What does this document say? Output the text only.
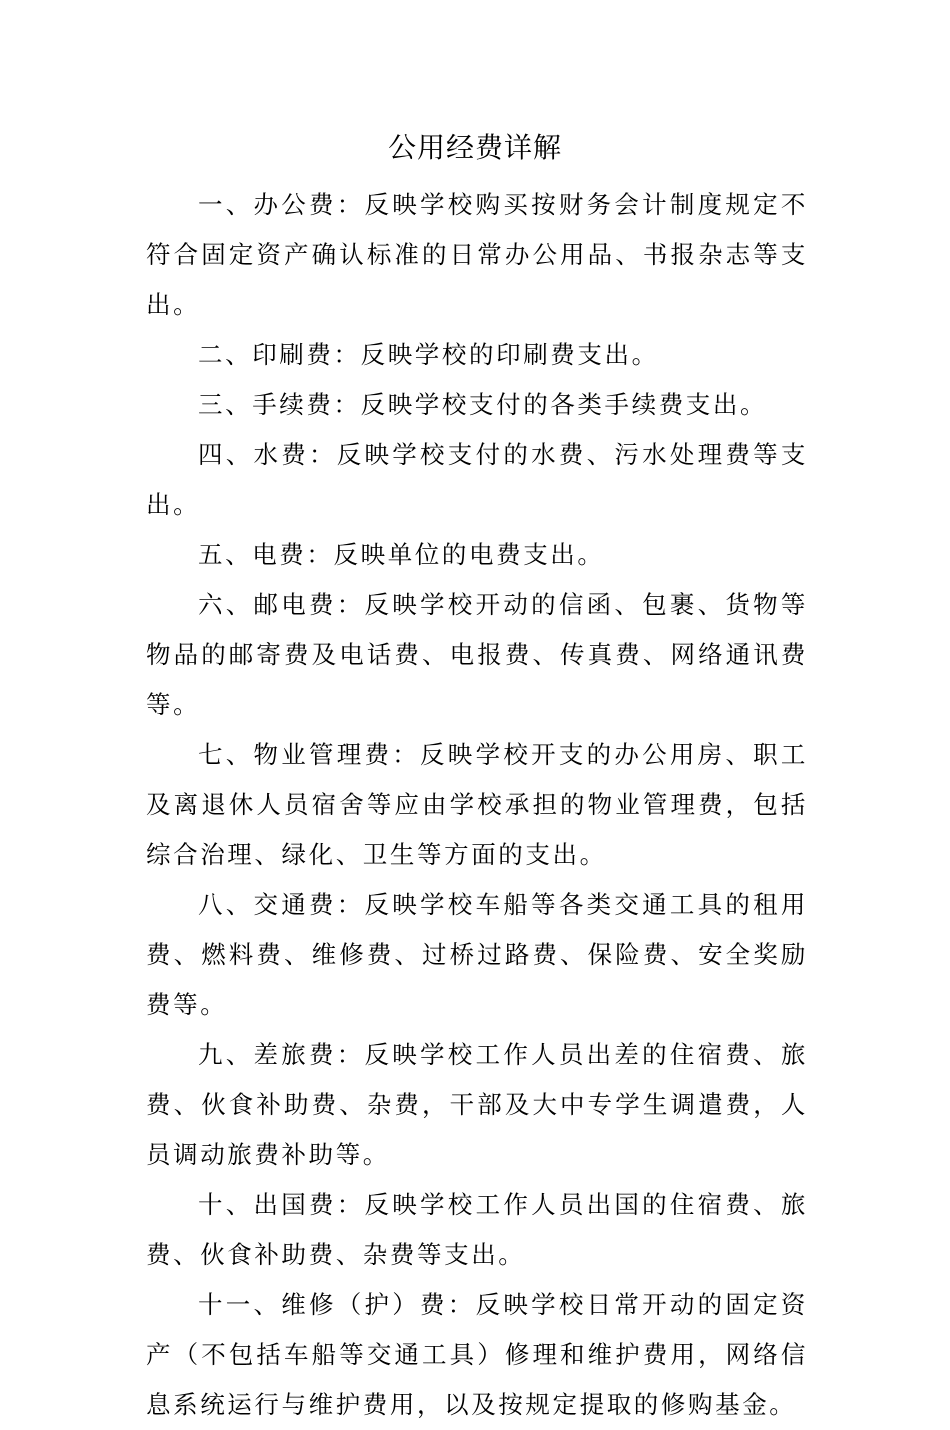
公用经费详解

一、办公费：反映学校购买按财务会计制度规定不符合固定资产确认标准的日常办公用品、书报杂志等支出。

二、印刷费：反映学校的印刷费支出。

三、手续费：反映学校支付的各类手续费支出。

四、水费：反映学校支付的水费、污水处理费等支出。

五、电费：反映单位的电费支出。

六、邮电费：反映学校开动的信函、包裹、货物等物品的邮寄费及电话费、电报费、传真费、网络通讯费等。

七、物业管理费：反映学校开支的办公用房、职工及离退休人员宿舍等应由学校承担的物业管理费，包括综合治理、绿化、卫生等方面的支出。

八、交通费：反映学校车船等各类交通工具的租用费、燃料费、维修费、过桥过路费、保险费、安全奖励费等。

九、差旅费：反映学校工作人员出差的住宿费、旅费、伙食补助费、杂费，干部及大中专学生调遣费，人员调动旅费补助等。

十、出国费：反映学校工作人员出国的住宿费、旅费、伙食补助费、杂费等支出。

十一、维修（护）费：反映学校日常开动的固定资产（不包括车船等交通工具）修理和维护费用，网络信息系统运行与维护费用，以及按规定提取的修购基金。
